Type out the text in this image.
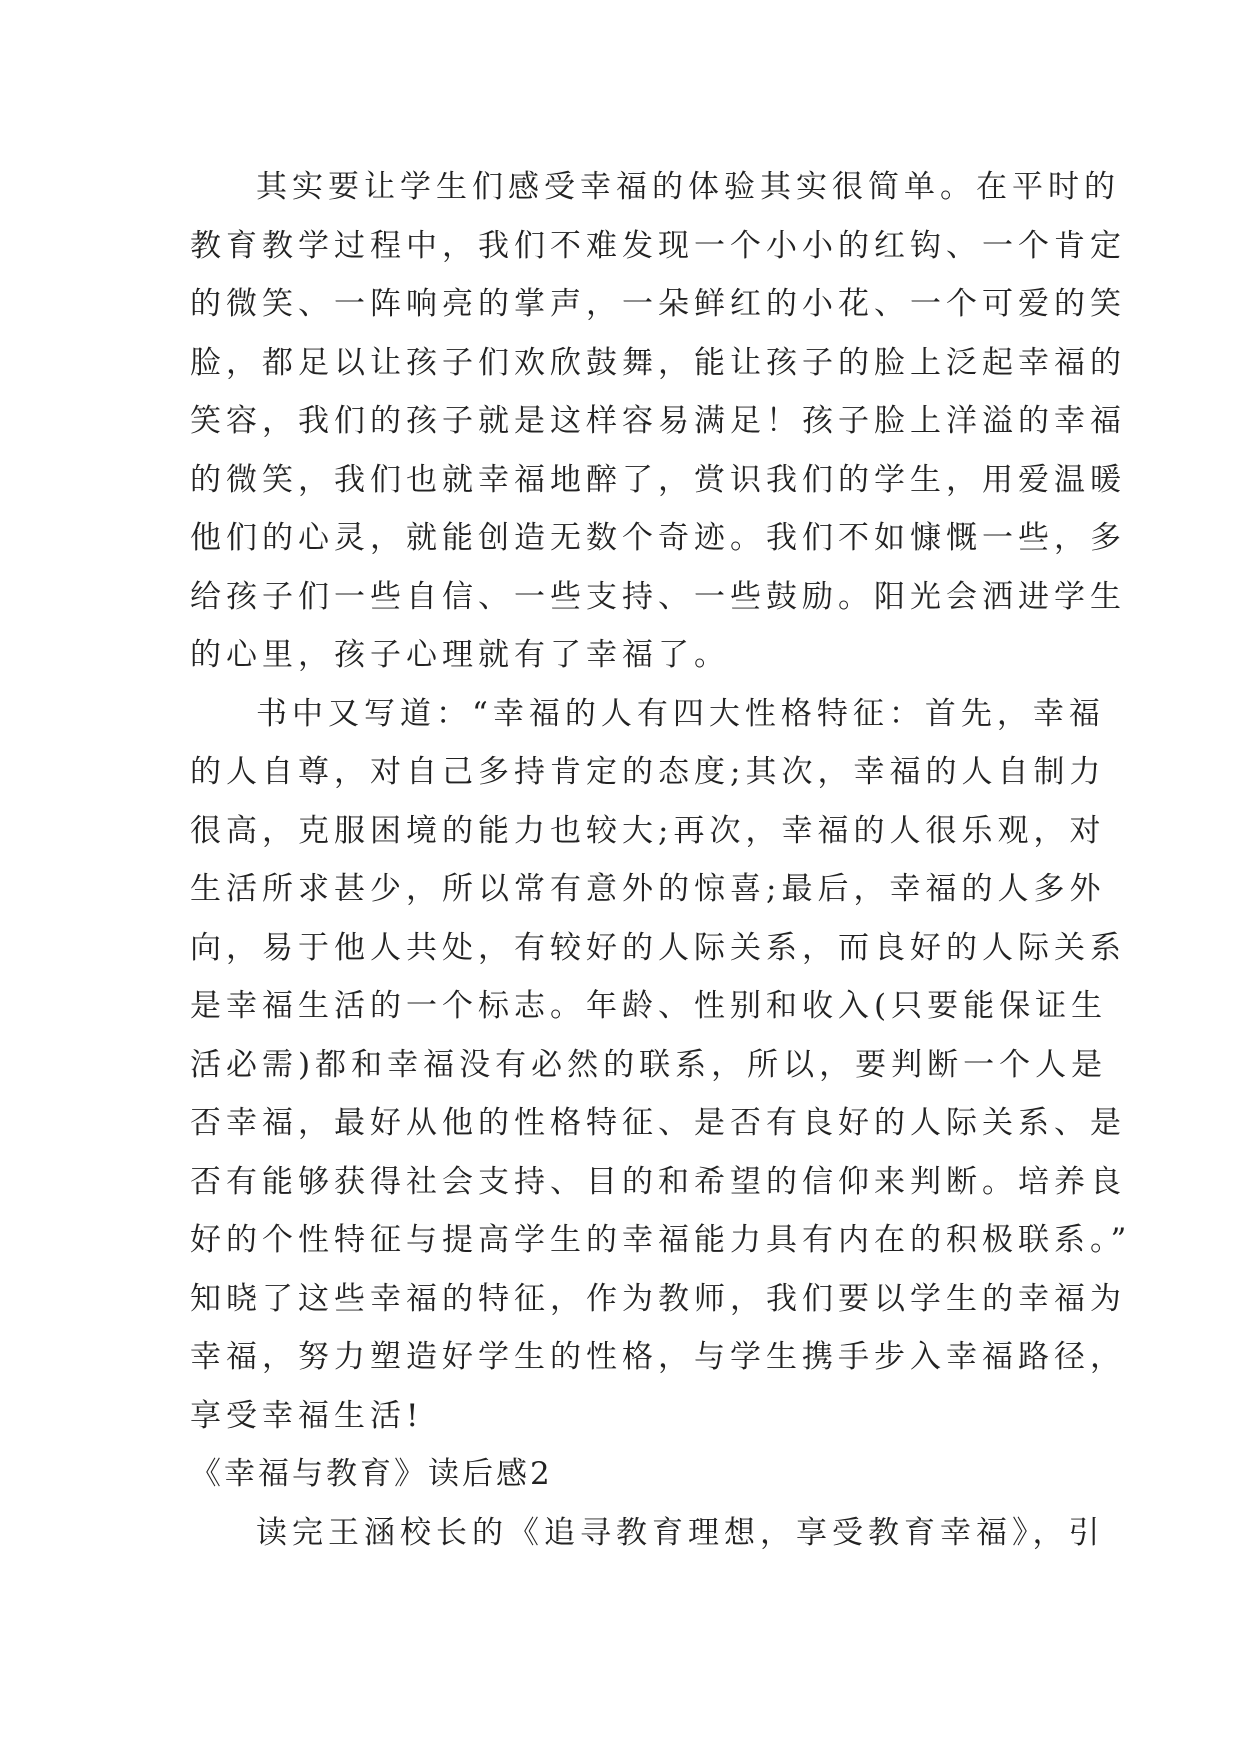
其实要让学生们感受幸福的体验其实很简单。在平时的
教育教学过程中，我们不难发现一个小小的红钩、一个肯定
的微笑、一阵响亮的掌声，一朵鲜红的小花、一个可爱的笑
脸，都足以让孩子们欢欣鼓舞，能让孩子的脸上泛起幸福的
笑容，我们的孩子就是这样容易满足！孩子脸上洋溢的幸福
的微笑，我们也就幸福地醉了，赏识我们的学生，用爱温暖
他们的心灵，就能创造无数个奇迹。我们不如慷慨一些，多
给孩子们一些自信、一些支持、一些鼓励。阳光会洒进学生
的心里，孩子心理就有了幸福了。
书中又写道：“幸福的人有四大性格特征：首先，幸福
的人自尊，对自己多持肯定的态度;其次，幸福的人自制力
很高，克服困境的能力也较大;再次，幸福的人很乐观，对
生活所求甚少，所以常有意外的惊喜;最后，幸福的人多外
向，易于他人共处，有较好的人际关系，而良好的人际关系
是幸福生活的一个标志。年龄、性别和收入(只要能保证生
活必需)都和幸福没有必然的联系，所以，要判断一个人是
否幸福，最好从他的性格特征、是否有良好的人际关系、是
否有能够获得社会支持、目的和希望的信仰来判断。培养良
好的个性特征与提高学生的幸福能力具有内在的积极联系。”
知晓了这些幸福的特征，作为教师，我们要以学生的幸福为
幸福，努力塑造好学生的性格，与学生携手步入幸福路径，
享受幸福生活!
《幸福与教育》读后感2
读完王涵校长的《追寻教育理想，享受教育幸福》，引
